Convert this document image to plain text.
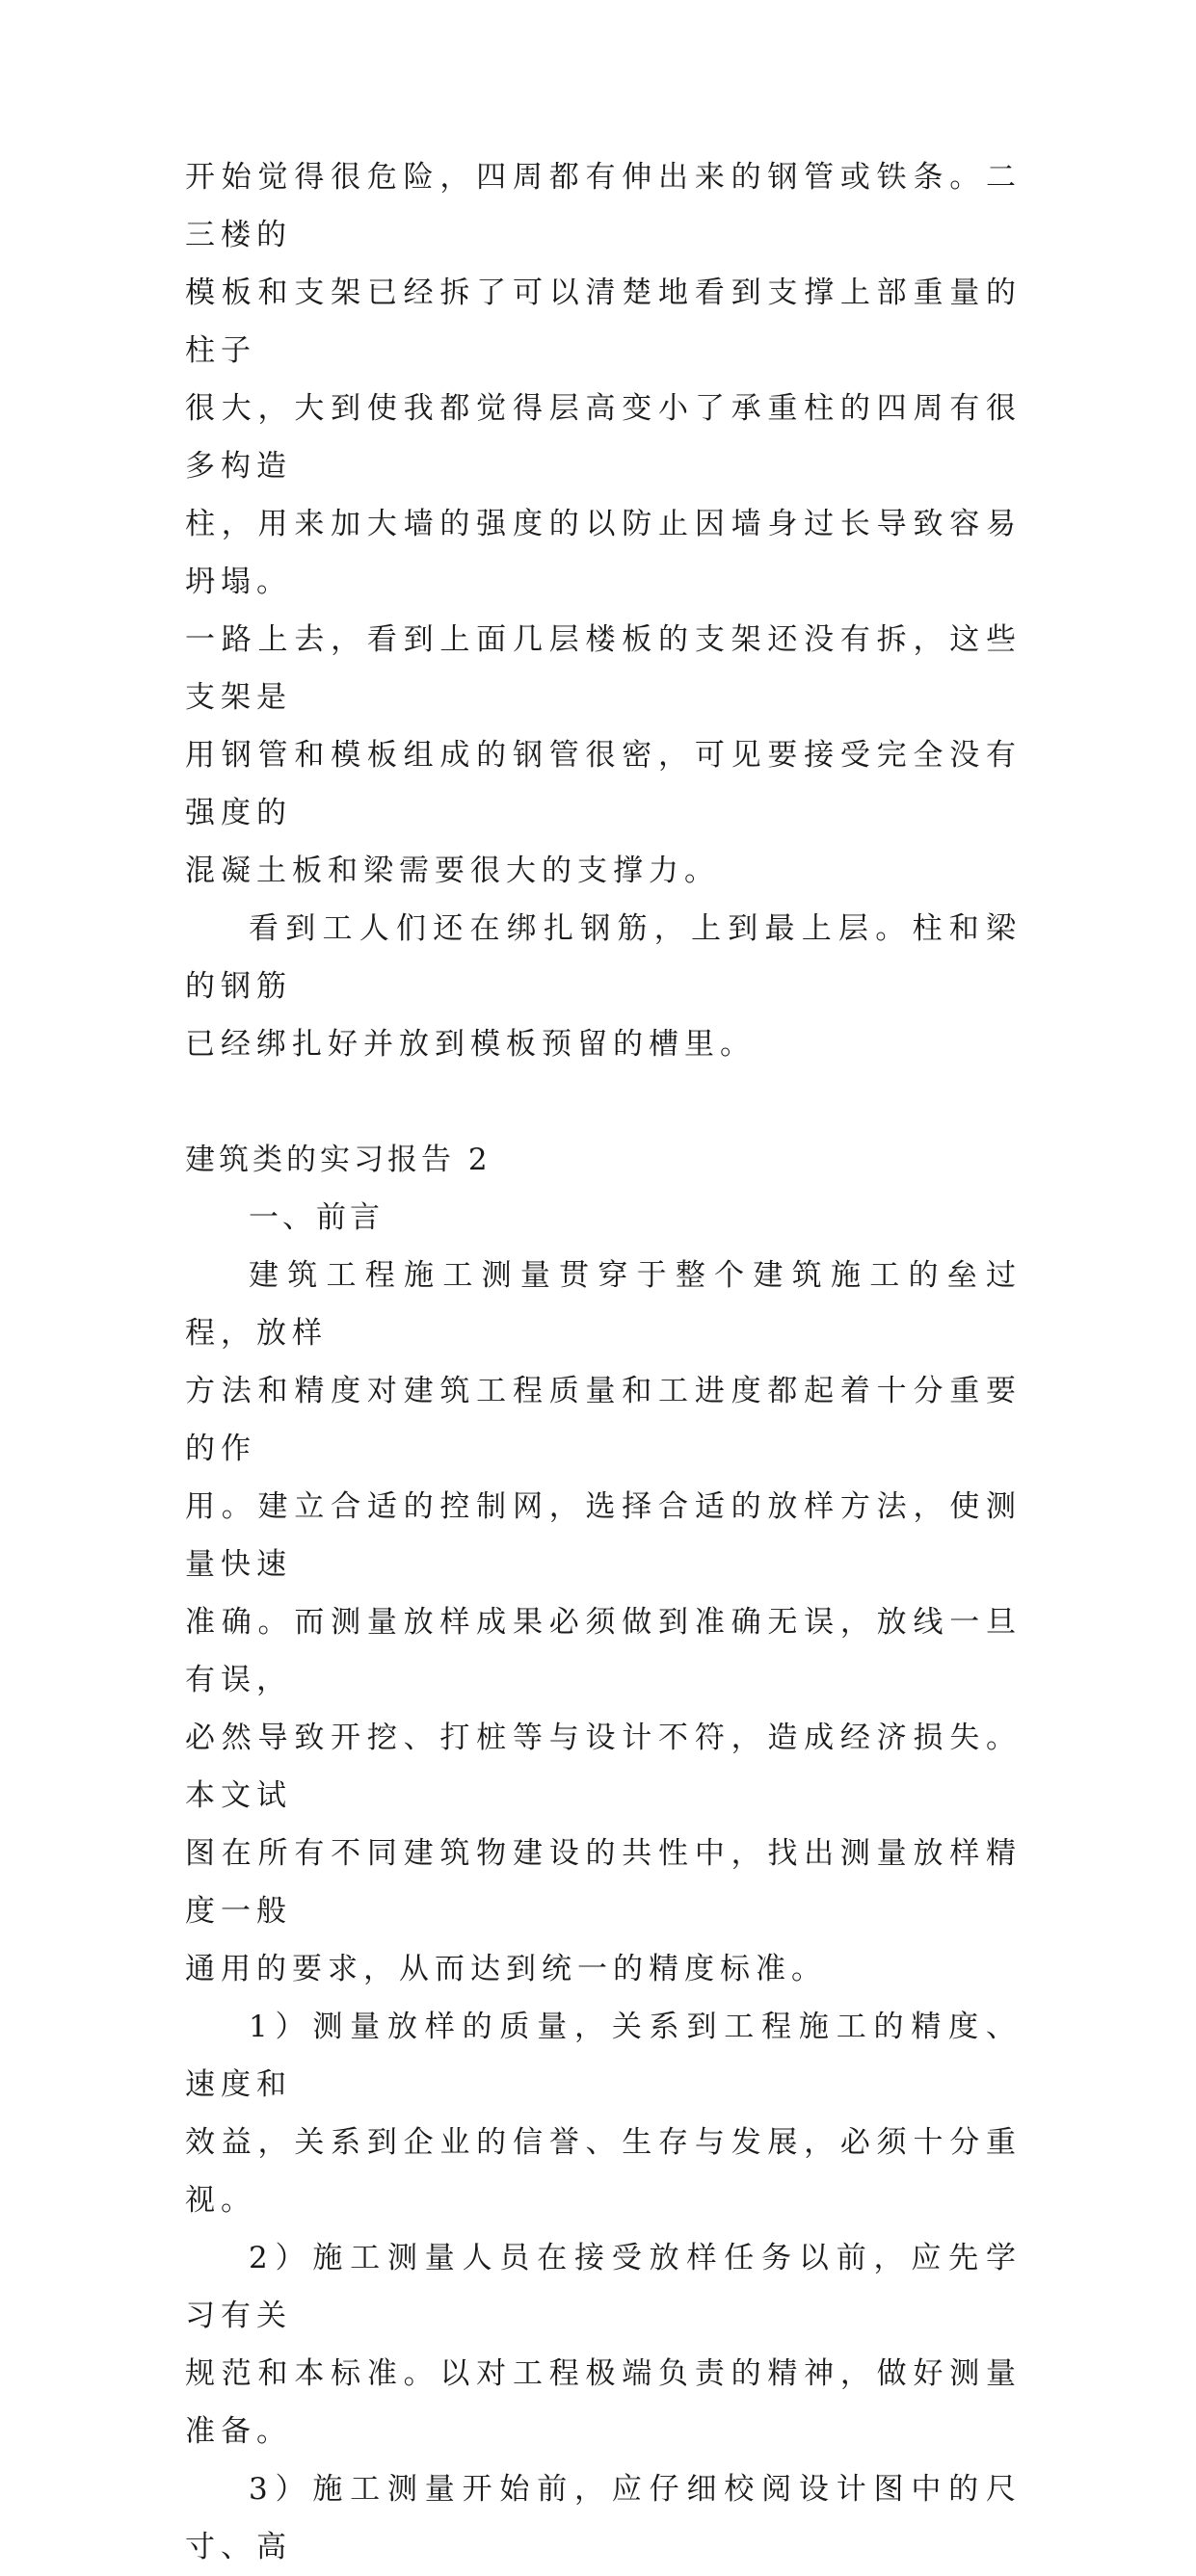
开始觉得很危险，四周都有伸出来的钢管或铁条。二三楼的

模板和支架已经拆了可以清楚地看到支撑上部重量的柱子

很大，大到使我都觉得层高变小了承重柱的四周有很多构造

柱，用来加大墙的强度的以防止因墙身过长导致容易坍塌。

一路上去，看到上面几层楼板的支架还没有拆，这些支架是

用钢管和模板组成的钢管很密，可见要接受完全没有强度的

混凝土板和梁需要很大的支撑力。

看到工人们还在绑扎钢筋，上到最上层。柱和梁的钢筋

已经绑扎好并放到模板预留的槽里。

建筑类的实习报告 2

一、前言

建筑工程施工测量贯穿于整个建筑施工的垒过程，放样

方法和精度对建筑工程质量和工进度都起着十分重要的作

用。建立合适的控制网，选择合适的放样方法，使测量快速

准确。而测量放样成果必须做到准确无误，放线一旦有误，

必然导致开挖、打桩等与设计不符，造成经济损失。本文试

图在所有不同建筑物建设的共性中，找出测量放样精度一般

通用的要求，从而达到统一的精度标准。

1）测量放样的质量，关系到工程施工的精度、速度和

效益，关系到企业的信誉、生存与发展，必须十分重视。

2）施工测量人员在接受放样任务以前，应先学习有关

规范和本标准。以对工程极端负责的精神，做好测量准备。

3）施工测量开始前，应仔细校阅设计图中的尺寸、高
